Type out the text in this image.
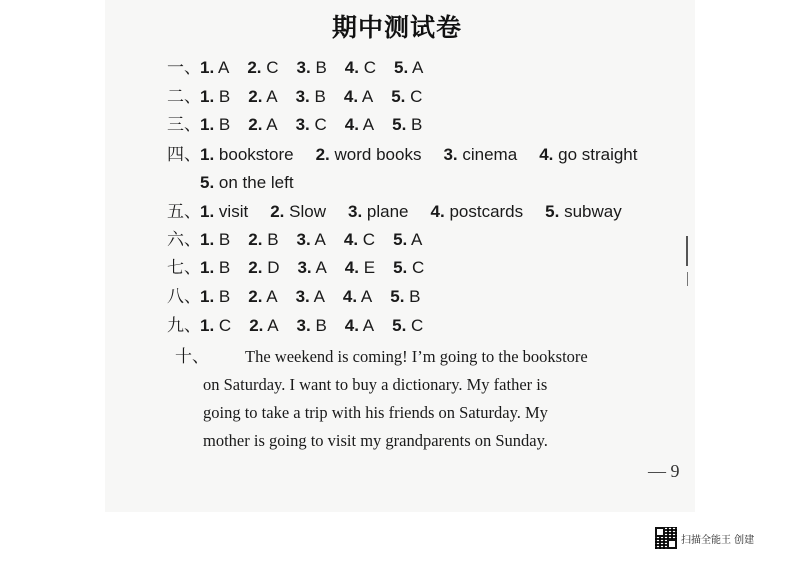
期中测试卷
一、1. A 2. C 3. B 4. C 5. A
二、1. B 2. A 3. B 4. A 5. C
三、1. B 2. A 3. C 4. A 5. B
四、1. bookstore 2. word books 3. cinema 4. go straight
5. on the left
五、1. visit 2. Slow 3. plane 4. postcards 5. subway
六、1. B 2. B 3. A 4. C 5. A
七、1. B 2. D 3. A 4. E 5. C
八、1. B 2. A 3. A 4. A 5. B
九、1. C 2. A 3. B 4. A 5. C
十、 The weekend is coming! I’m going to the bookstore
on Saturday. I want to buy a dictionary. My father is
going to take a trip with his friends on Saturday. My
mother is going to visit my grandparents on Sunday.
— 9
扫描全能王 创建
